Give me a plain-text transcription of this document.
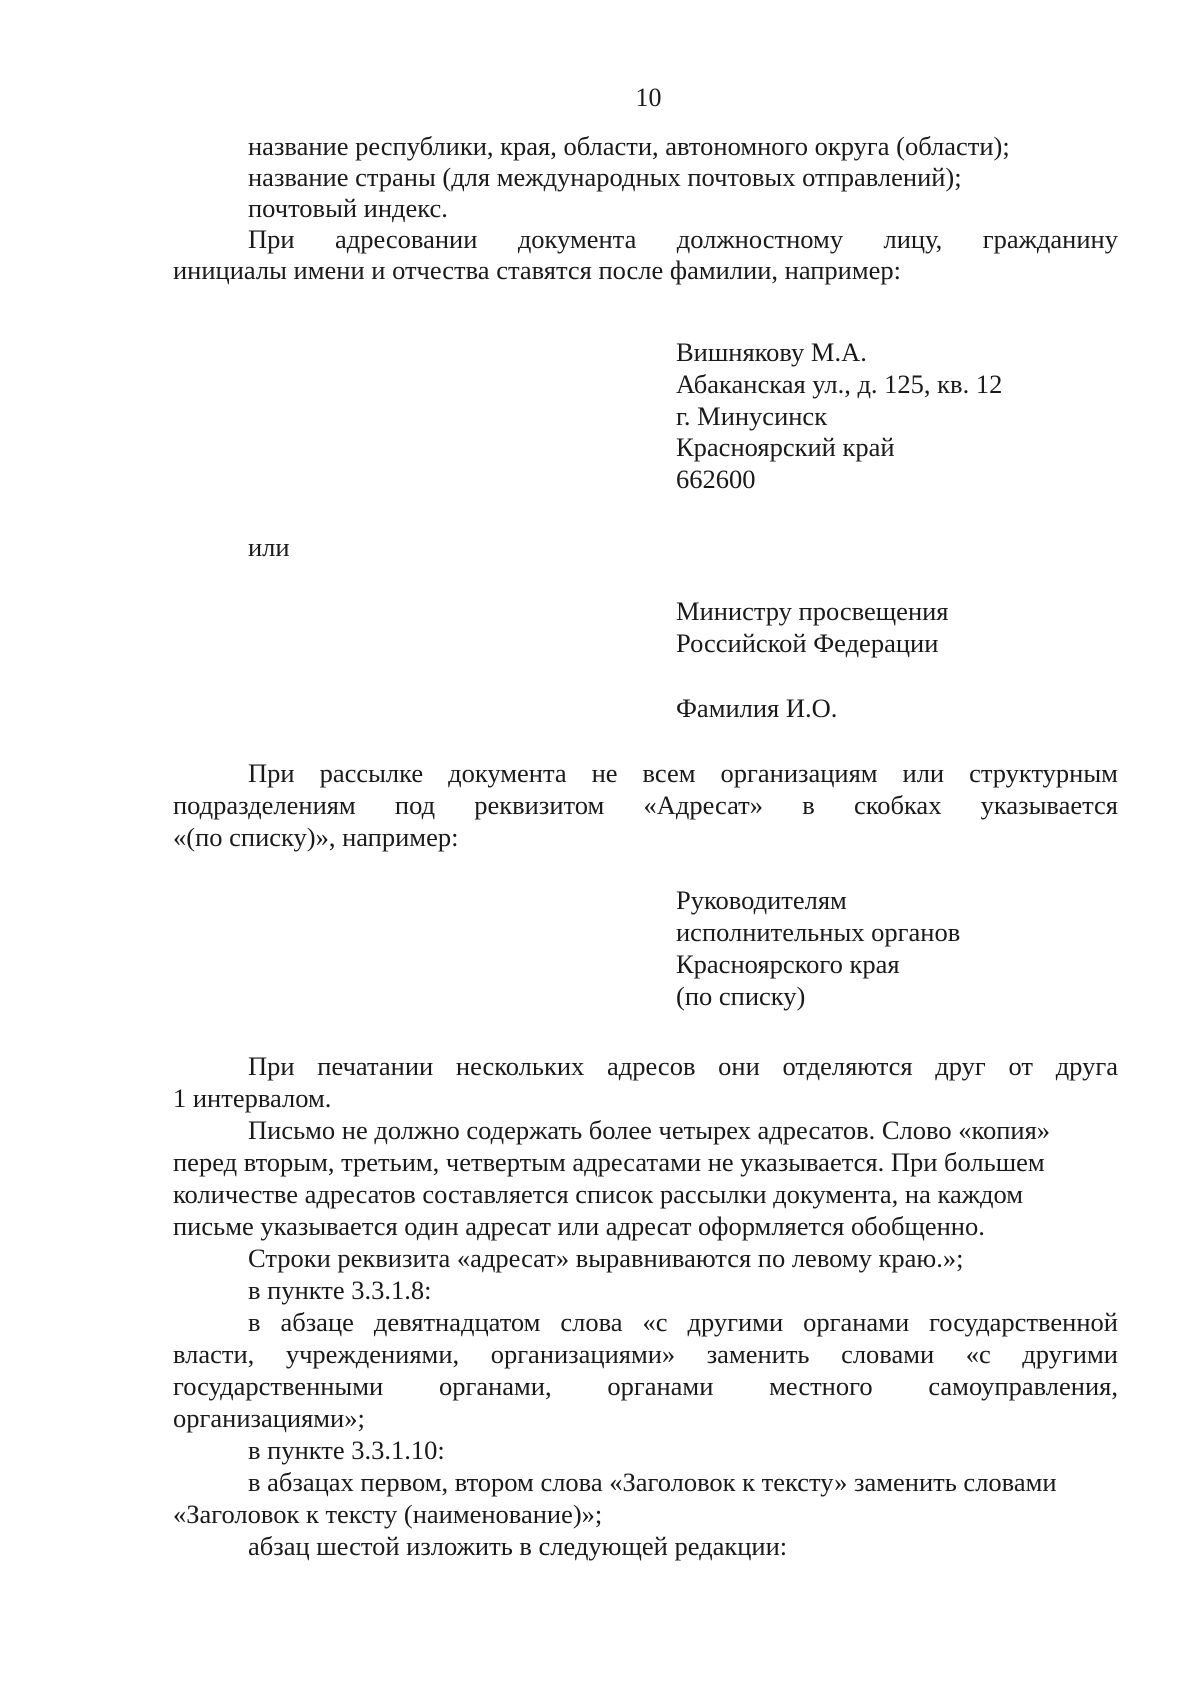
10
название республики, края, области, автономного округа (области);
название страны (для международных почтовых отправлений);
почтовый индекс.
При адресовании документа должностному лицу, гражданину
инициалы имени и отчества ставятся после фамилии, например:
Вишнякову М.А.
Абаканская ул., д. 125, кв. 12
г. Минусинск
Красноярский край
662600
или
Министру просвещения
Российской Федерации
Фамилия И.О.
При рассылке документа не всем организациям или структурным
подразделениям под реквизитом «Адресат» в скобках указывается
«(по списку)», например:
Руководителям
исполнительных органов
Красноярского края
(по списку)
При печатании нескольких адресов они отделяются друг от друга
1 интервалом.
Письмо не должно содержать более четырех адресатов. Слово «копия»
перед вторым, третьим, четвертым адресатами не указывается. При большем
количестве адресатов составляется список рассылки документа, на каждом
письме указывается один адресат или адресат оформляется обобщенно.
Строки реквизита «адресат» выравниваются по левому краю.»;
в пункте 3.3.1.8:
в абзаце девятнадцатом слова «с другими органами государственной
власти, учреждениями, организациями» заменить словами «с другими
государственными органами, органами местного самоуправления,
организациями»;
в пункте 3.3.1.10:
в абзацах первом, втором слова «Заголовок к тексту» заменить словами
«Заголовок к тексту (наименование)»;
абзац шестой изложить в следующей редакции:
